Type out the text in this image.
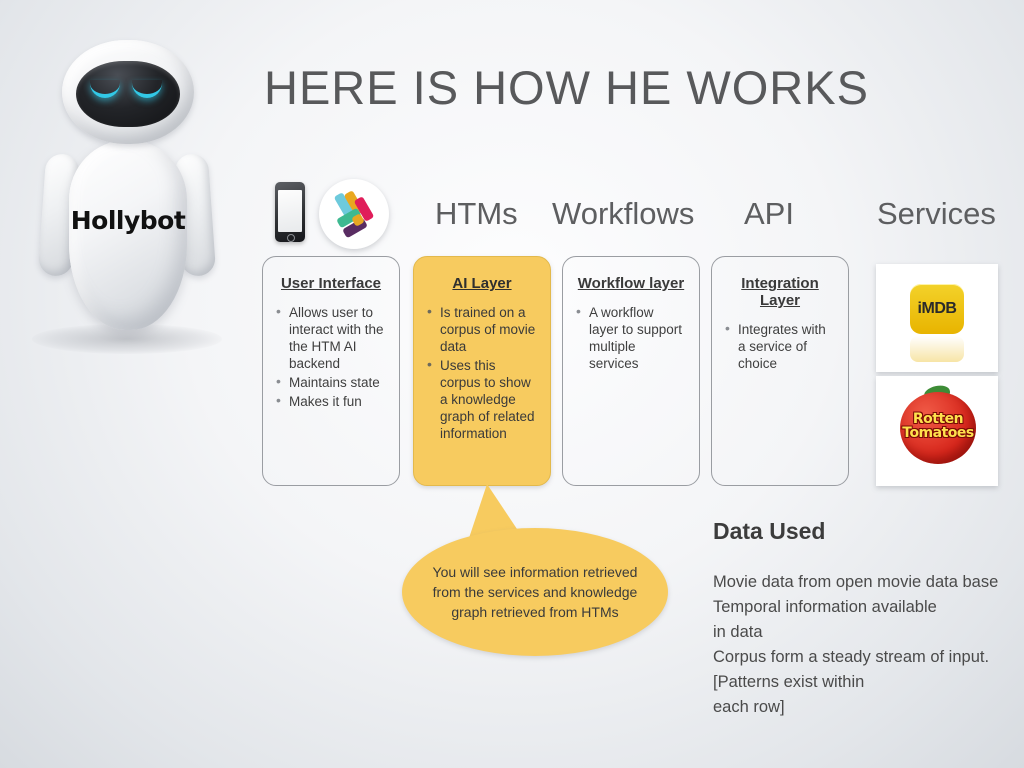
HERE IS HOW HE WORKS
Hollybot	HTMs Workflows API	Services
User Interface
• Allows user to interact with the the HTM AI backend
• Maintains state
• Makes it fun
AI Layer
• Is trained on a corpus of movie data
• Uses this corpus to show a knowledge graph of related information
Workflow layer
• A workflow layer to support multiple services
Integration Layer
• Integrates with a service of choice
You will see information retrieved from the services and knowledge graph retrieved from HTMs
iMDB
Rotten
Tomatoes
Data Used
Movie data from open movie data base
Temporal information available
in data
Corpus form a steady stream of input.
[Patterns exist within
each row]
